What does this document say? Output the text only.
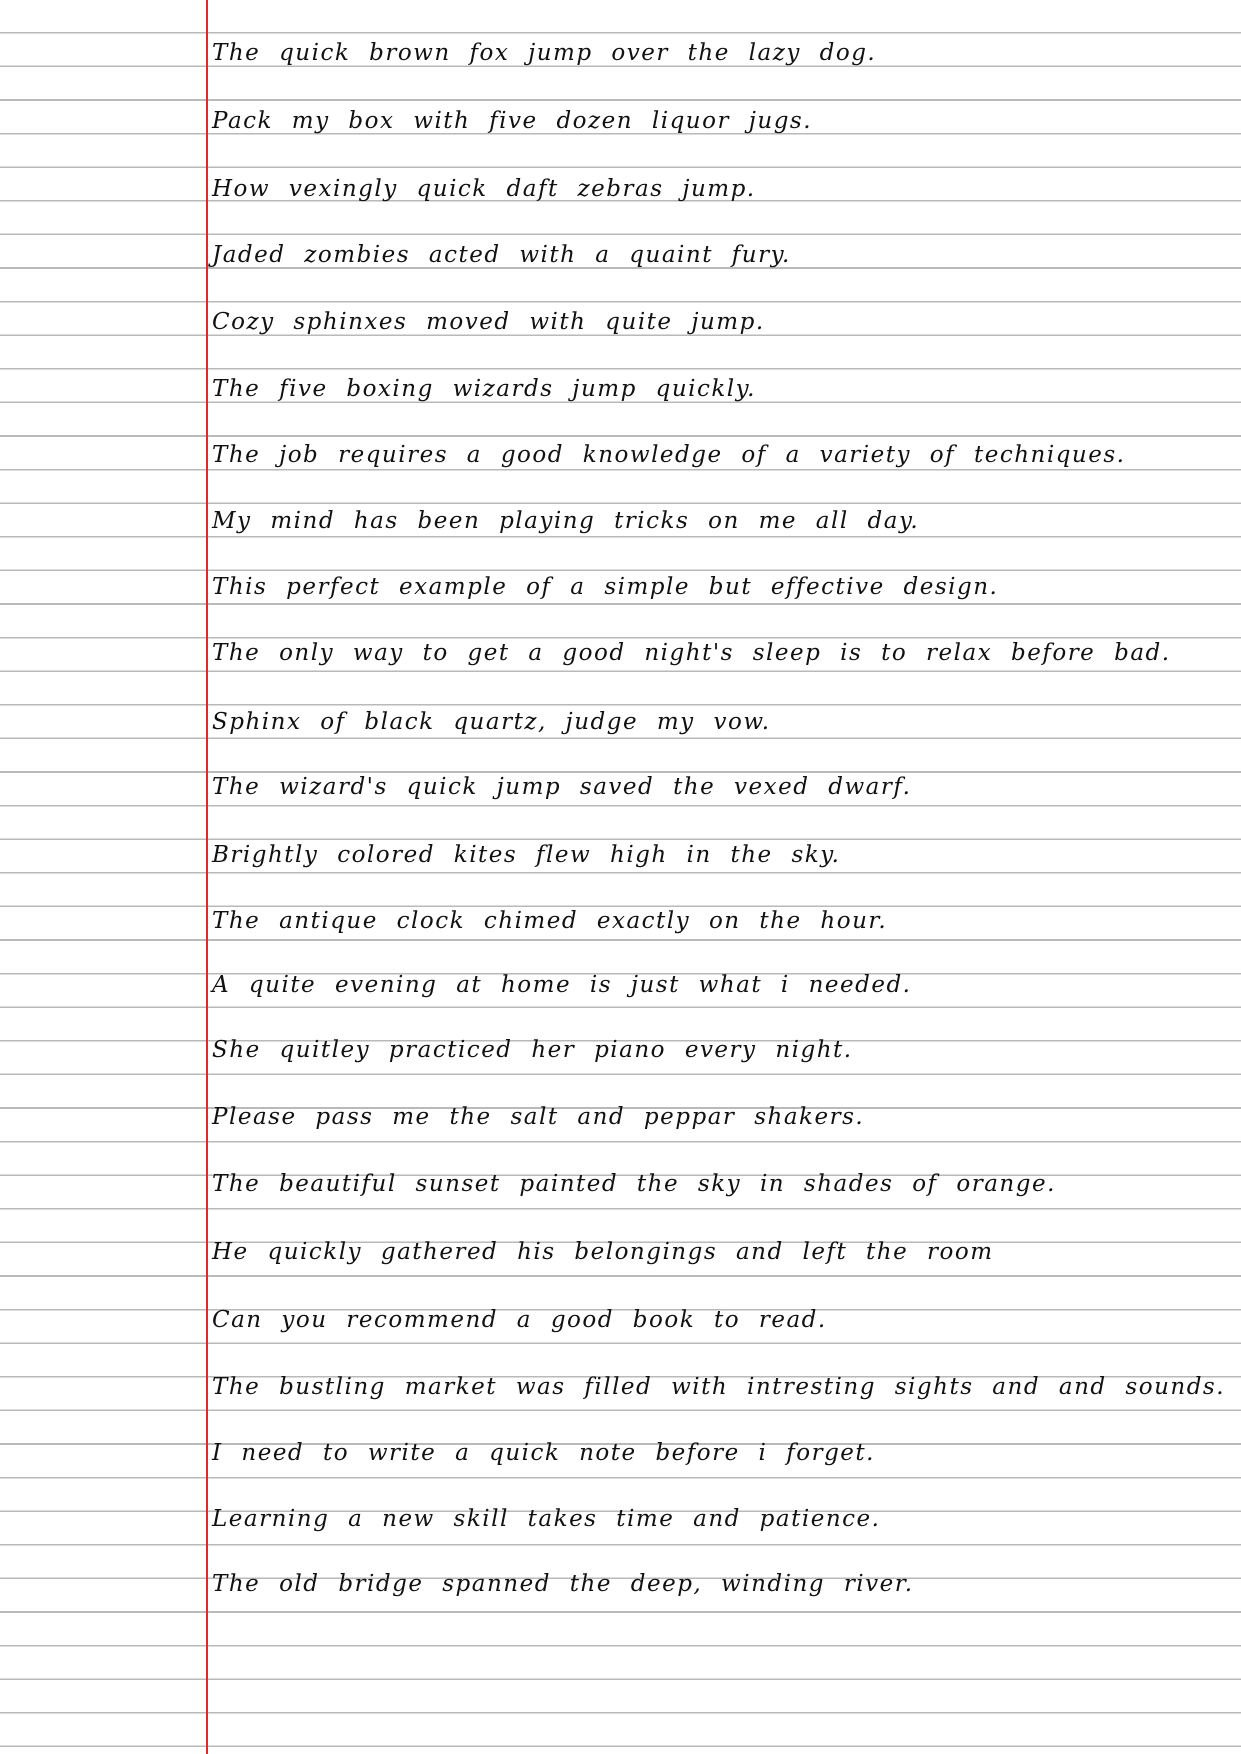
The quick brown fox jump over the lazy dog.
Pack my box with five dozen liquor jugs.
How vexingly quick daft zebras jump.
Jaded zombies acted with a quaint fury.
Cozy sphinxes moved with quite jump.
The five boxing wizards jump quickly.
The job requires a good knowledge of a variety of techniques.
My mind has been playing tricks on me all day.
This perfect example of a simple but effective design.
The only way to get a good night's sleep is to relax before bad.
Sphinx of black quartz, judge my vow.
The wizard's quick jump saved the vexed dwarf.
Brightly colored kites flew high in the sky.
The antique clock chimed exactly on the hour.
A quite evening at home is just what i needed.
She quitley practiced her piano every night.
Please pass me the salt and peppar shakers.
The beautiful sunset painted the sky in shades of orange.
He quickly gathered his belongings and left the room
Can you recommend a good book to read.
The bustling market was filled with intresting sights and and sounds.
I need to write a quick note before i forget.
Learning a new skill takes time and patience.
The old bridge spanned the deep, winding river.
